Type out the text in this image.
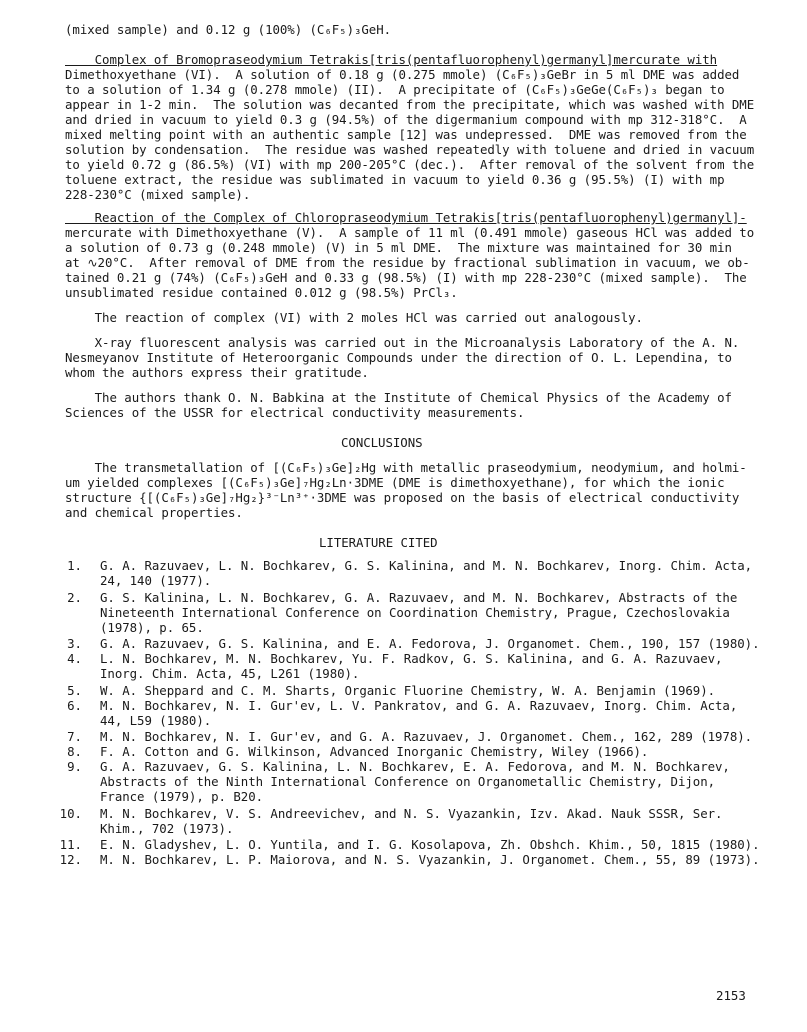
(mixed sample) and 0.12 g (100%) (C₆F₅)₃GeH.
Complex of Bromopraseodymium Tetrakis[tris(pentafluorophenyl)germanyl]mercurate with
Dimethoxyethane (VI).  A solution of 0.18 g (0.275 mmole) (C₆F₅)₃GeBr in 5 ml DME was added
to a solution of 1.34 g (0.278 mmole) (II).  A precipitate of (C₆F₅)₃GeGe(C₆F₅)₃ began to
appear in 1-2 min.  The solution was decanted from the precipitate, which was washed with DME
and dried in vacuum to yield 0.3 g (94.5%) of the digermanium compound with mp 312-318°C.  A
mixed melting point with an authentic sample [12] was undepressed.  DME was removed from the
solution by condensation.  The residue was washed repeatedly with toluene and dried in vacuum
to yield 0.72 g (86.5%) (VI) with mp 200-205°C (dec.).  After removal of the solvent from the
toluene extract, the residue was sublimated in vacuum to yield 0.36 g (95.5%) (I) with mp
228-230°C (mixed sample).
Reaction of the Complex of Chloropraseodymium Tetrakis[tris(pentafluorophenyl)germanyl]-
mercurate with Dimethoxyethane (V).  A sample of 11 ml (0.491 mmole) gaseous HCl was added to
a solution of 0.73 g (0.248 mmole) (V) in 5 ml DME.  The mixture was maintained for 30 min
at ∿20°C.  After removal of DME from the residue by fractional sublimation in vacuum, we ob-
tained 0.21 g (74%) (C₆F₅)₃GeH and 0.33 g (98.5%) (I) with mp 228-230°C (mixed sample).  The
unsublimated residue contained 0.012 g (98.5%) PrCl₃.
The reaction of complex (VI) with 2 moles HCl was carried out analogously.
X-ray fluorescent analysis was carried out in the Microanalysis Laboratory of the A. N.
Nesmeyanov Institute of Heteroorganic Compounds under the direction of O. L. Lependina, to
whom the authors express their gratitude.
The authors thank O. N. Babkina at the Institute of Chemical Physics of the Academy of
Sciences of the USSR for electrical conductivity measurements.
CONCLUSIONS
The transmetallation of [(C₆F₅)₃Ge]₂Hg with metallic praseodymium, neodymium, and holmi-
um yielded complexes [(C₆F₅)₃Ge]₇Hg₂Ln·3DME (DME is dimethoxyethane), for which the ionic
structure {[(C₆F₅)₃Ge]₇Hg₂}³⁻Ln³⁺·3DME was proposed on the basis of electrical conductivity
and chemical properties.
LITERATURE CITED
1. G. A. Razuvaev, L. N. Bochkarev, G. S. Kalinina, and M. N. Bochkarev, Inorg. Chim. Acta,
24, 140 (1977).
2. G. S. Kalinina, L. N. Bochkarev, G. A. Razuvaev, and M. N. Bochkarev, Abstracts of the
Nineteenth International Conference on Coordination Chemistry, Prague, Czechoslovakia
(1978), p. 65.
3. G. A. Razuvaev, G. S. Kalinina, and E. A. Fedorova, J. Organomet. Chem., 190, 157 (1980).
4. L. N. Bochkarev, M. N. Bochkarev, Yu. F. Radkov, G. S. Kalinina, and G. A. Razuvaev,
Inorg. Chim. Acta, 45, L261 (1980).
5. W. A. Sheppard and C. M. Sharts, Organic Fluorine Chemistry, W. A. Benjamin (1969).
6. M. N. Bochkarev, N. I. Gur'ev, L. V. Pankratov, and G. A. Razuvaev, Inorg. Chim. Acta,
44, L59 (1980).
7. M. N. Bochkarev, N. I. Gur'ev, and G. A. Razuvaev, J. Organomet. Chem., 162, 289 (1978).
8. F. A. Cotton and G. Wilkinson, Advanced Inorganic Chemistry, Wiley (1966).
9. G. A. Razuvaev, G. S. Kalinina, L. N. Bochkarev, E. A. Fedorova, and M. N. Bochkarev,
Abstracts of the Ninth International Conference on Organometallic Chemistry, Dijon,
France (1979), p. B20.
10. M. N. Bochkarev, V. S. Andreevichev, and N. S. Vyazankin, Izv. Akad. Nauk SSSR, Ser.
Khim., 702 (1973).
11. E. N. Gladyshev, L. O. Yuntila, and I. G. Kosolapova, Zh. Obshch. Khim., 50, 1815 (1980).
12. M. N. Bochkarev, L. P. Maiorova, and N. S. Vyazankin, J. Organomet. Chem., 55, 89 (1973).
2153
